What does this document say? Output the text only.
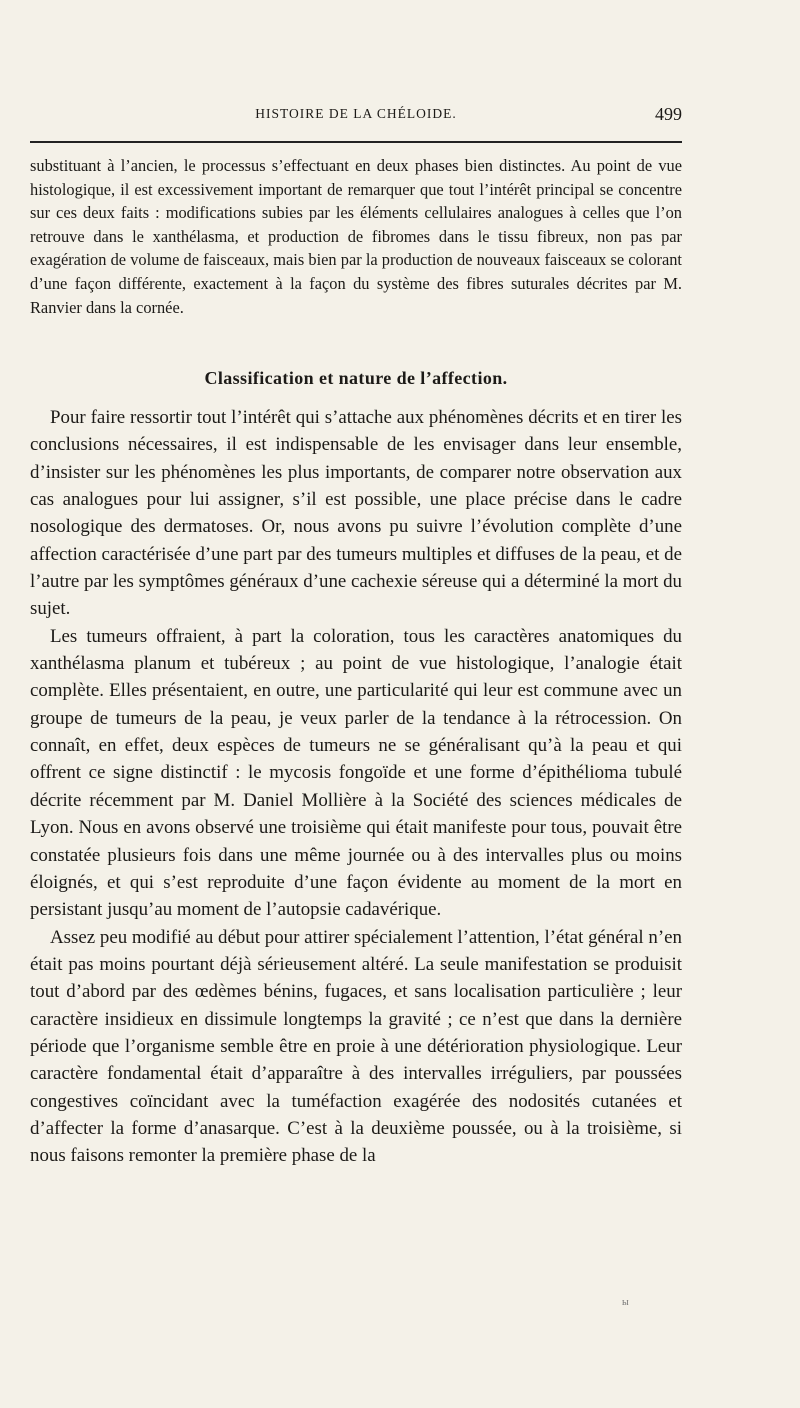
HISTOIRE DE LA CHÉLOIDE.	499

substituant à l’ancien, le processus s’effectuant en deux phases bien distinctes. Au point de vue histologique, il est excessivement important de remarquer que tout l’intérêt principal se concentre sur ces deux faits : modifications subies par les éléments cellulaires analogues à celles que l’on retrouve dans le xanthélasma, et production de fibromes dans le tissu fibreux, non pas par exagération de volume de faisceaux, mais bien par la production de nouveaux faisceaux se colorant d’une façon différente, exactement à la façon du système des fibres suturales décrites par M. Ranvier dans la cornée.

Classification et nature de l’affection.

Pour faire ressortir tout l’intérêt qui s’attache aux phénomènes décrits et en tirer les conclusions nécessaires, il est indispensable de les envisager dans leur ensemble, d’insister sur les phénomènes les plus importants, de comparer notre observation aux cas analogues pour lui assigner, s’il est possible, une place précise dans le cadre nosologique des dermatoses. Or, nous avons pu suivre l’évolution complète d’une affection caractérisée d’une part par des tumeurs multiples et diffuses de la peau, et de l’autre par les symptômes généraux d’une cachexie séreuse qui a déterminé la mort du sujet.

Les tumeurs offraient, à part la coloration, tous les caractères anatomiques du xanthélasma planum et tubéreux ; au point de vue histologique, l’analogie était complète. Elles présentaient, en outre, une particularité qui leur est commune avec un groupe de tumeurs de la peau, je veux parler de la tendance à la rétrocession. On connaît, en effet, deux espèces de tumeurs ne se généralisant qu’à la peau et qui offrent ce signe distinctif : le mycosis fongoïde et une forme d’épithélioma tubulé décrite récemment par M. Daniel Mollière à la Société des sciences médicales de Lyon. Nous en avons observé une troisième qui était manifeste pour tous, pouvait être constatée plusieurs fois dans une même journée ou à des intervalles plus ou moins éloignés, et qui s’est reproduite d’une façon évidente au moment de la mort en persistant jusqu’au moment de l’autopsie cadavérique.

Assez peu modifié au début pour attirer spécialement l’attention, l’état général n’en était pas moins pourtant déjà sérieusement altéré. La seule manifestation se produisit tout d’abord par des œdèmes bénins, fugaces, et sans localisation particulière ; leur caractère insidieux en dissimule longtemps la gravité ; ce n’est que dans la dernière période que l’organisme semble être en proie à une détérioration physiologique. Leur caractère fondamental était d’apparaître à des intervalles irréguliers, par poussées congestives coïncidant avec la tuméfaction exagérée des nodosités cutanées et d’affecter la forme d’anasarque. C’est à la deuxième poussée, ou à la troisième, si nous faisons remonter la première phase de la

ы
